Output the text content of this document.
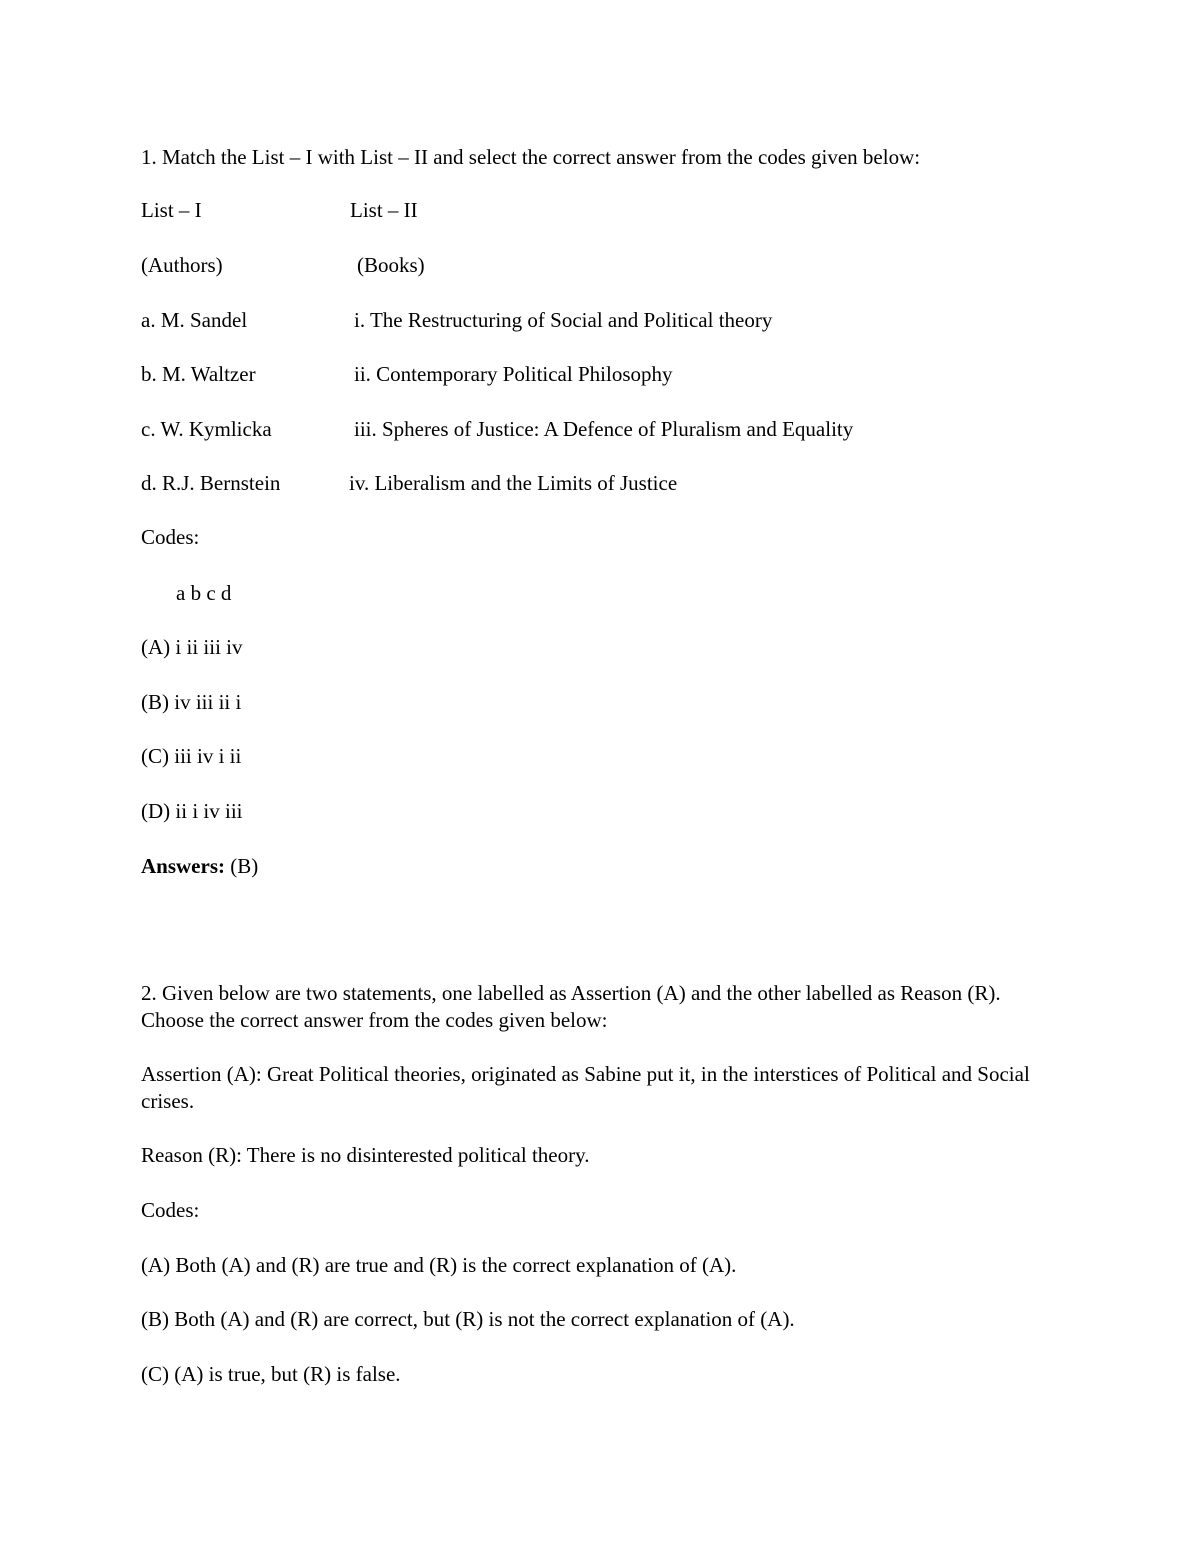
1. Match the List – I with List – II and select the correct answer from the codes given below:
List – I	List – II
(Authors)	(Books)
a. M. Sandel	i. The Restructuring of Social and Political theory
b. M. Waltzer	ii. Contemporary Political Philosophy
c. W. Kymlicka	iii. Spheres of Justice: A Defence of Pluralism and Equality
d. R.J. Bernstein	iv. Liberalism and the Limits of Justice
Codes:
a b c d
(A) i ii iii iv
(B) iv iii ii i
(C) iii iv i ii
(D) ii i iv iii
Answers: (B)
2. Given below are two statements, one labelled as Assertion (A) and the other labelled as Reason (R). Choose the correct answer from the codes given below:
Assertion (A): Great Political theories, originated as Sabine put it, in the interstices of Political and Social crises.
Reason (R): There is no disinterested political theory.
Codes:
(A) Both (A) and (R) are true and (R) is the correct explanation of (A).
(B) Both (A) and (R) are correct, but (R) is not the correct explanation of (A).
(C) (A) is true, but (R) is false.
